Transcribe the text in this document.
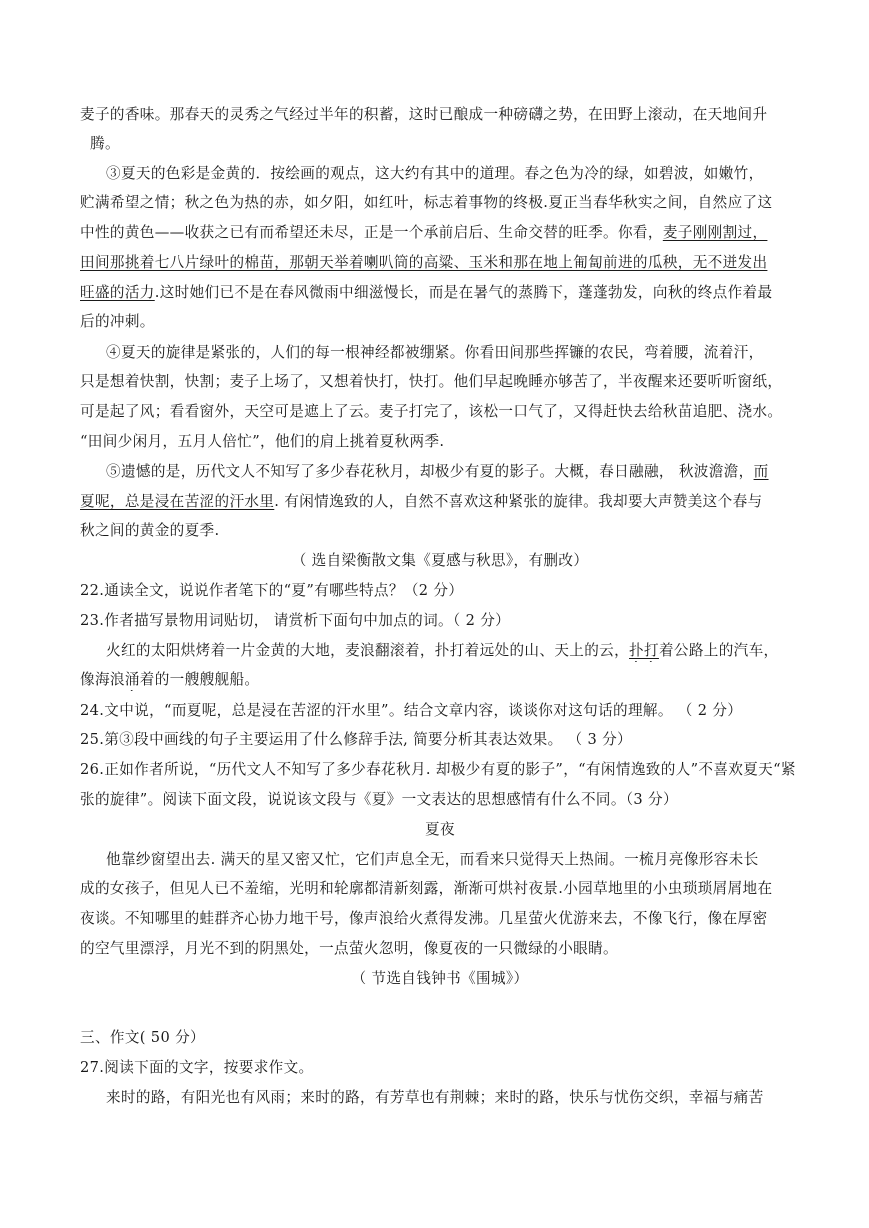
麦子的香味。那春天的灵秀之气经过半年的积蓄，这时已酿成一种磅礴之势，在田野上滚动，在天地间升
腾。
③夏天的色彩是金黄的．按绘画的观点，这大约有其中的道理。春之色为冷的绿，如碧波，如嫩竹，
贮满希望之情；秋之色为热的赤，如夕阳，如红叶，标志着事物的终极.夏正当春华秋实之间，自然应了这
中性的黄色——收获之已有而希望还未尽，正是一个承前启后、生命交替的旺季。你看，麦子刚刚割过，
田间那挑着七八片绿叶的棉苗，那朝天举着喇叭筒的高粱、玉米和那在地上匍匐前进的瓜秧，无不迸发出
旺盛的活力.这时她们已不是在春风微雨中细滋慢长，而是在暑气的蒸腾下，蓬蓬勃发，向秋的终点作着最
后的冲刺。
④夏天的旋律是紧张的，人们的每一根神经都被绷紧。你看田间那些挥镰的农民，弯着腰，流着汗，
只是想着快割，快割；麦子上场了，又想着快打，快打。他们早起晚睡亦够苦了，半夜醒来还要听听窗纸，
可是起了风；看看窗外，天空可是遮上了云。麦子打完了，该松一口气了，又得赶快去给秋苗追肥、浇水。
“田间少闲月，五月人倍忙”，他们的肩上挑着夏秋两季.
⑤遗憾的是，历代文人不知写了多少春花秋月，却极少有夏的影子。大概，春日融融， 秋波澹澹，而
夏呢，总是浸在苦涩的汗水里. 有闲情逸致的人，自然不喜欢这种紧张的旋律。我却要大声赞美这个春与
秋之间的黄金的夏季.
（ 选自梁衡散文集《夏感与秋思》，有删改）
22.通读全文，说说作者笔下的“夏”有哪些特点？（2 分）
23.作者描写景物用词贴切， 请赏析下面句中加点的词。（ 2 分）
火红的太阳烘烤着一片金黄的大地，麦浪翻滚着，扑打着远处的山、天上的云，扑打着公路上的汽车，
像海浪涌着的一艘艘舰船。
24.文中说，“而夏呢，总是浸在苦涩的汗水里”。结合文章内容，谈谈你对这句话的理解。 （ 2 分）
25.第③段中画线的句子主要运用了什么修辞手法, 简要分析其表达效果。 （ 3 分）
26.正如作者所说，“历代文人不知写了多少春花秋月. 却极少有夏的影子”，“有闲情逸致的人”不喜欢夏天“紧
张的旋律”。阅读下面文段，说说该文段与《夏》一文表达的思想感情有什么不同。（3 分）
夏夜
他靠纱窗望出去. 满天的星又密又忙，它们声息全无，而看来只觉得天上热闹。一梳月亮像形容未长
成的女孩子，但见人已不羞缩，光明和轮廓都清新刻露，渐渐可烘衬夜景.小园草地里的小虫琐琐屑屑地在
夜谈。不知哪里的蛙群齐心协力地干号，像声浪给火煮得发沸。几星萤火优游来去，不像飞行，像在厚密
的空气里漂浮，月光不到的阴黑处，一点萤火忽明，像夏夜的一只微绿的小眼睛。
（ 节选自钱钟书《围城》）
三、作文( 50 分）
27.阅读下面的文字，按要求作文。
来时的路，有阳光也有风雨；来时的路，有芳草也有荆棘；来时的路，快乐与忧伤交织，幸福与痛苦
